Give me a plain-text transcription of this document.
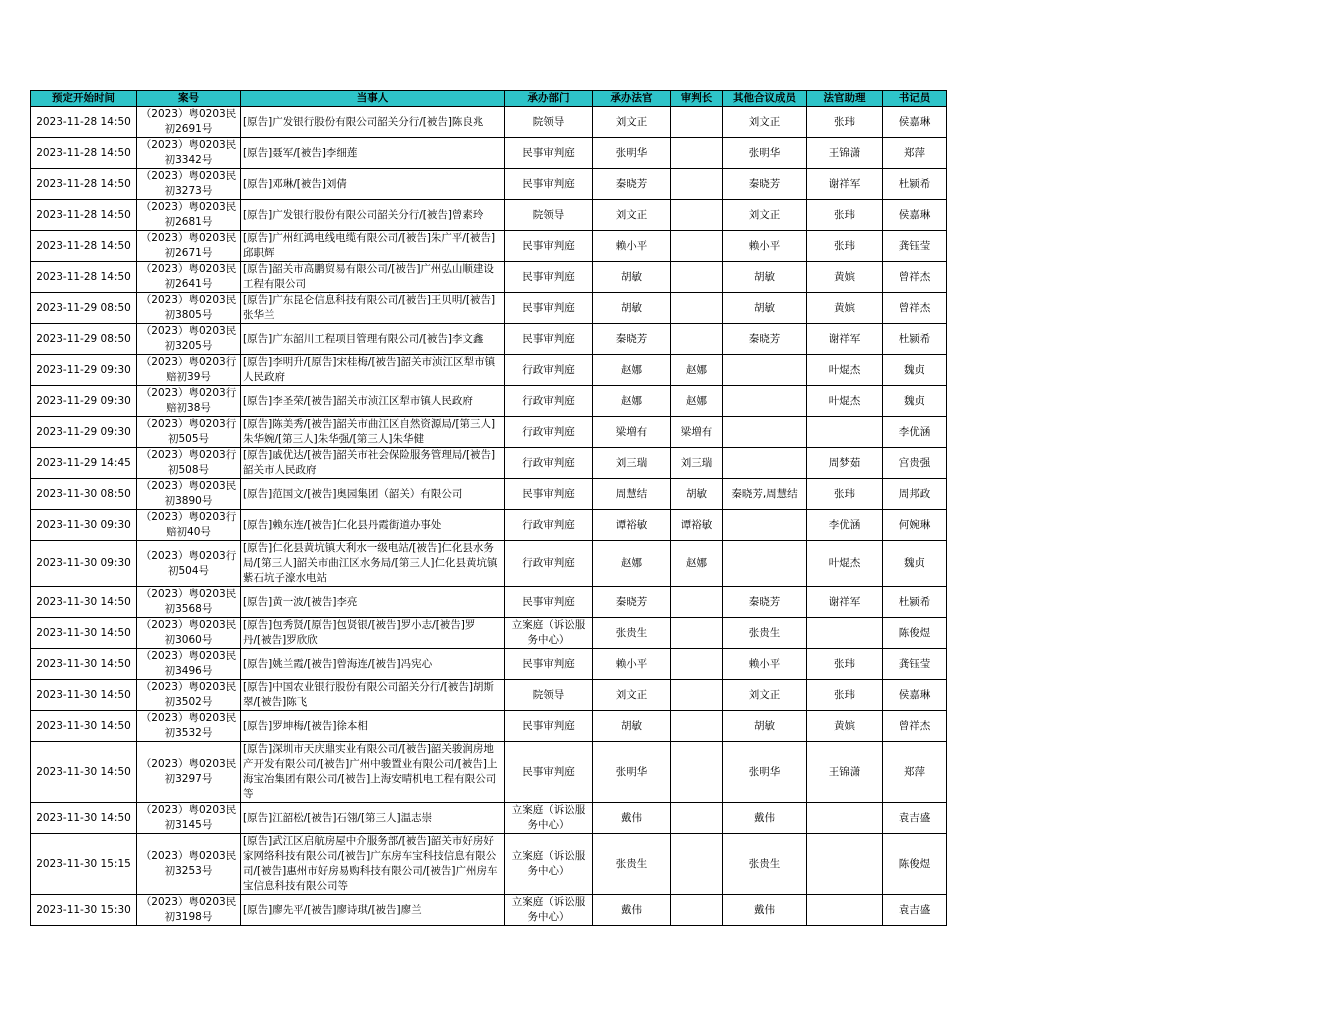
预定开始时间	案号	当事人	承办部门	承办法官	审判长	其他合议成员	法官助理	书记员
2023-11-28 14:50	（2023）粤0203民初2691号	[原告]广发银行股份有限公司韶关分行/[被告]陈良兆	院领导	刘文正		刘文正	张玮	侯嘉琳
2023-11-28 14:50	（2023）粤0203民初3342号	[原告]聂军/[被告]李细莲	民事审判庭	张明华		张明华	王锦潇	郑萍
2023-11-28 14:50	（2023）粤0203民初3273号	[原告]邓琳/[被告]刘倩	民事审判庭	秦晓芳		秦晓芳	谢祥军	杜颍希
2023-11-28 14:50	（2023）粤0203民初2681号	[原告]广发银行股份有限公司韶关分行/[被告]曾素玲	院领导	刘文正		刘文正	张玮	侯嘉琳
2023-11-28 14:50	（2023）粤0203民初2671号	[原告]广州红鸿电线电缆有限公司/[被告]朱广平/[被告]邱职辉	民事审判庭	赖小平		赖小平	张玮	龚钰莹
2023-11-28 14:50	（2023）粤0203民初2641号	[原告]韶关市高鹏贸易有限公司/[被告]广州弘山顺建设工程有限公司	民事审判庭	胡敏		胡敏	黄嫔	曾祥杰
2023-11-29 08:50	（2023）粤0203民初3805号	[原告]广东昆仑信息科技有限公司/[被告]王贝明/[被告]张华兰	民事审判庭	胡敏		胡敏	黄嫔	曾祥杰
2023-11-29 08:50	（2023）粤0203民初3205号	[原告]广东韶川工程项目管理有限公司/[被告]李文鑫	民事审判庭	秦晓芳		秦晓芳	谢祥军	杜颍希
2023-11-29 09:30	（2023）粤0203行赔初39号	[原告]李明升/[原告]宋桂梅/[被告]韶关市浈江区犁市镇人民政府	行政审判庭	赵娜	赵娜		叶焜杰	魏贞
2023-11-29 09:30	（2023）粤0203行赔初38号	[原告]李圣荣/[被告]韶关市浈江区犁市镇人民政府	行政审判庭	赵娜	赵娜		叶焜杰	魏贞
2023-11-29 09:30	（2023）粤0203行初505号	[原告]陈美秀/[被告]韶关市曲江区自然资源局/[第三人]朱华婉/[第三人]朱华强/[第三人]朱华健	行政审判庭	梁増有	梁増有			李优涵
2023-11-29 14:45	（2023）粤0203行初508号	[原告]戚优达/[被告]韶关市社会保险服务管理局/[被告]韶关市人民政府	行政审判庭	刘三瑞	刘三瑞		周梦茹	宫贵强
2023-11-30 08:50	（2023）粤0203民初3890号	[原告]范国文/[被告]奥园集团（韶关）有限公司	民事审判庭	周慧结	胡敏	秦晓芳,周慧结	张玮	周邦政
2023-11-30 09:30	（2023）粤0203行赔初40号	[原告]赖东连/[被告]仁化县丹霞街道办事处	行政审判庭	谭裕敏	谭裕敏		李优涵	何婉琳
2023-11-30 09:30	（2023）粤0203行初504号	[原告]仁化县黄坑镇大利水一级电站/[被告]仁化县水务局/[第三人]韶关市曲江区水务局/[第三人]仁化县黄坑镇紫石坑子濠水电站	行政审判庭	赵娜	赵娜		叶焜杰	魏贞
2023-11-30 14:50	（2023）粤0203民初3568号	[原告]黄一波/[被告]李亮	民事审判庭	秦晓芳		秦晓芳	谢祥军	杜颍希
2023-11-30 14:50	（2023）粤0203民初3060号	[原告]包秀贤/[原告]包贤银/[被告]罗小志/[被告]罗丹/[被告]罗欣欣	立案庭（诉讼服务中心）	张贵生		张贵生		陈俊煜
2023-11-30 14:50	（2023）粤0203民初3496号	[原告]姚兰霞/[被告]曾海连/[被告]冯宪心	民事审判庭	赖小平		赖小平	张玮	龚钰莹
2023-11-30 14:50	（2023）粤0203民初3502号	[原告]中国农业银行股份有限公司韶关分行/[被告]胡斯翠/[被告]陈飞	院领导	刘文正		刘文正	张玮	侯嘉琳
2023-11-30 14:50	（2023）粤0203民初3532号	[原告]罗坤梅/[被告]徐本相	民事审判庭	胡敏		胡敏	黄嫔	曾祥杰
2023-11-30 14:50	（2023）粤0203民初3297号	[原告]深圳市天庆鼎实业有限公司/[被告]韶关骏润房地产开发有限公司/[被告]广州中骏置业有限公司/[被告]上海宝冶集团有限公司/[被告]上海安晴机电工程有限公司等	民事审判庭	张明华		张明华	王锦潇	郑萍
2023-11-30 14:50	（2023）粤0203民初3145号	[原告]江韶松/[被告]石翎/[第三人]温志崇	立案庭（诉讼服务中心）	戴伟		戴伟		袁吉盛
2023-11-30 15:15	（2023）粤0203民初3253号	[原告]武江区启航房屋中介服务部/[被告]韶关市好房好家网络科技有限公司/[被告]广东房车宝科技信息有限公司/[被告]惠州市好房易购科技有限公司/[被告]广州房车宝信息科技有限公司等	立案庭（诉讼服务中心）	张贵生		张贵生		陈俊煜
2023-11-30 15:30	（2023）粤0203民初3198号	[原告]廖先平/[被告]廖诗琪/[被告]廖兰	立案庭（诉讼服务中心）	戴伟		戴伟		袁吉盛
